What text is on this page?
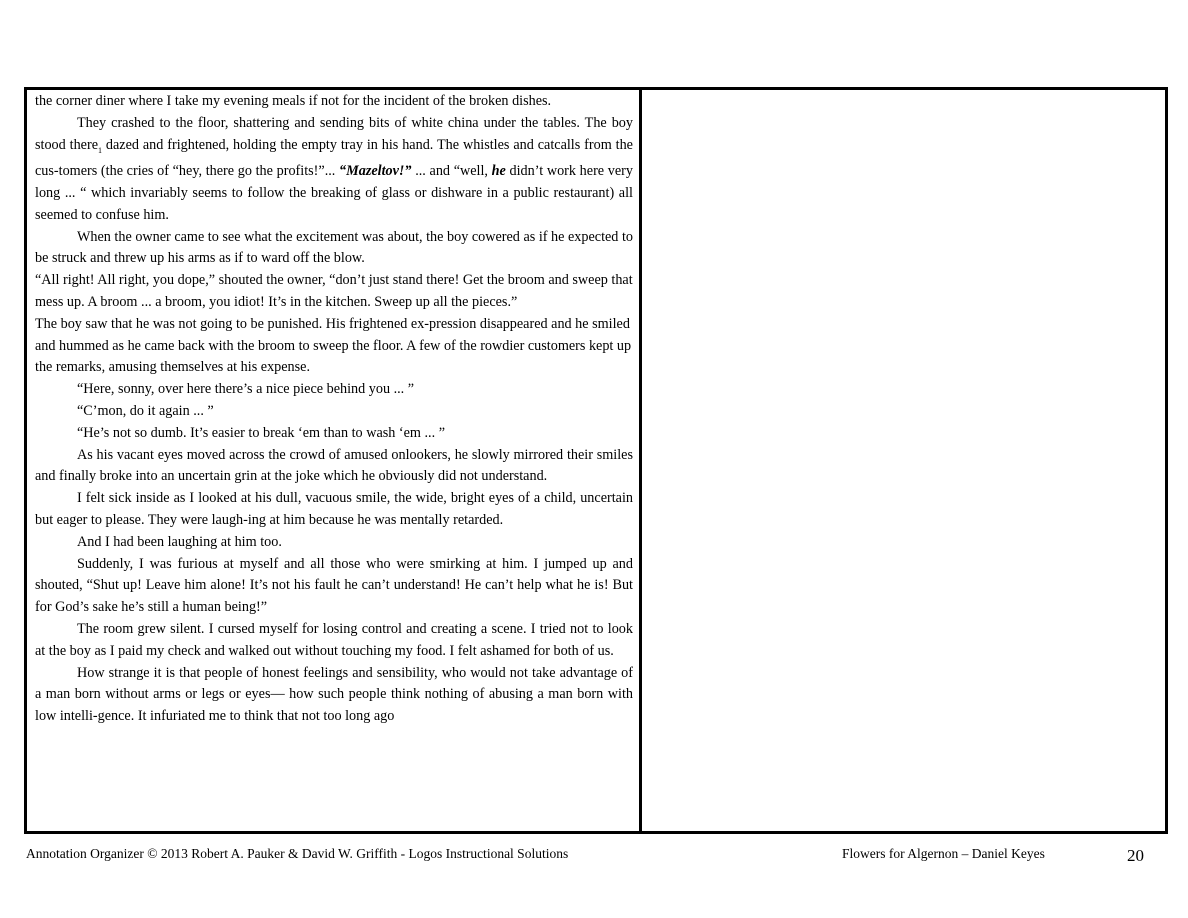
the corner diner where I take my evening meals if not for the incident of the broken dishes.

They crashed to the floor, shattering and sending bits of white china under the tables. The boy stood there$_1$ dazed and frightened, holding the empty tray in his hand. The whistles and catcalls from the cus-tomers (the cries of “hey, there go the profits!”... “Mazeltov!” ... and “well, he didn’t work here very long ... “ which invariably seems to follow the breaking of glass or dishware in a public restaurant) all seemed to confuse him.

When the owner came to see what the excitement was about, the boy cowered as if he expected to be struck and threw up his arms as if to ward off the blow.

“All right! All right, you dope,” shouted the owner, “don’t just stand there! Get the broom and sweep that mess up. A broom ... a broom, you idiot! It’s in the kitchen. Sweep up all the pieces.”

The boy saw that he was not going to be punished. His frightened ex-pression disappeared and he smiled and hummed as he came back with the broom to sweep the floor. A few of the rowdier customers kept up the remarks, amusing themselves at his expense.

“Here, sonny, over here there’s a nice piece behind you ... ”

“C’mon, do it again ... ”

“He’s not so dumb. It’s easier to break ‘em than to wash ‘em ... ”

As his vacant eyes moved across the crowd of amused onlookers, he slowly mirrored their smiles and finally broke into an uncertain grin at the joke which he obviously did not understand.

I felt sick inside as I looked at his dull, vacuous smile, the wide, bright eyes of a child, uncertain but eager to please. They were laugh-ing at him because he was mentally retarded.

And I had been laughing at him too.

Suddenly, I was furious at myself and all those who were smirking at him. I jumped up and shouted, “Shut up! Leave him alone! It’s not his fault he can’t understand! He can’t help what he is! But for God’s sake he’s still a human being!”

The room grew silent. I cursed myself for losing control and creating a scene. I tried not to look at the boy as I paid my check and walked out without touching my food. I felt ashamed for both of us.

How strange it is that people of honest feelings and sensibility, who would not take advantage of a man born without arms or legs or eyes— how such people think nothing of abusing a man born with low intelli-gence. It infuriated me to think that not too long ago

Annotation Organizer © 2013 Robert A. Pauker & David W. Griffith - Logos Instructional Solutions	Flowers for Algernon – Daniel Keyes	20
